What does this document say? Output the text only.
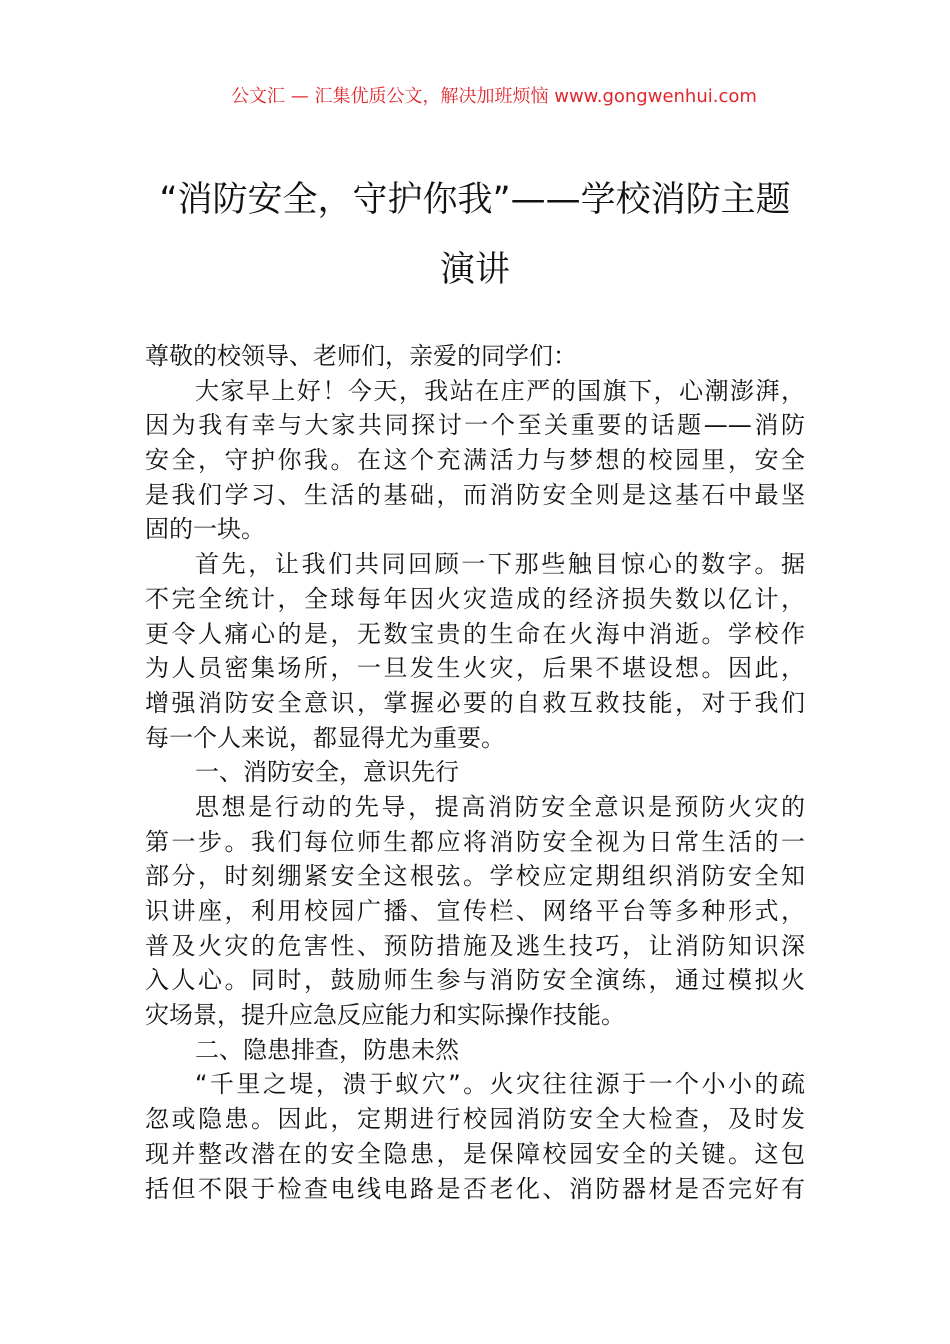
公文汇 — 汇集优质公文，解决加班烦恼 www.gongwenhui.com
“消防安全，守护你我”——学校消防主题
演讲
尊敬的校领导、老师们，亲爱的同学们：
大家早上好！今天，我站在庄严的国旗下，心潮澎湃，
因为我有幸与大家共同探讨一个至关重要的话题——消防
安全，守护你我。在这个充满活力与梦想的校园里，安全
是我们学习、生活的基础，而消防安全则是这基石中最坚
固的一块。
首先，让我们共同回顾一下那些触目惊心的数字。据
不完全统计，全球每年因火灾造成的经济损失数以亿计，
更令人痛心的是，无数宝贵的生命在火海中消逝。学校作
为人员密集场所，一旦发生火灾，后果不堪设想。因此，
增强消防安全意识，掌握必要的自救互救技能，对于我们
每一个人来说，都显得尤为重要。
一、消防安全，意识先行
思想是行动的先导，提高消防安全意识是预防火灾的
第一步。我们每位师生都应将消防安全视为日常生活的一
部分，时刻绷紧安全这根弦。学校应定期组织消防安全知
识讲座，利用校园广播、宣传栏、网络平台等多种形式，
普及火灾的危害性、预防措施及逃生技巧，让消防知识深
入人心。同时，鼓励师生参与消防安全演练，通过模拟火
灾场景，提升应急反应能力和实际操作技能。
二、隐患排查，防患未然
“千里之堤，溃于蚁穴”。火灾往往源于一个小小的疏
忽或隐患。因此，定期进行校园消防安全大检查，及时发
现并整改潜在的安全隐患，是保障校园安全的关键。这包
括但不限于检查电线电路是否老化、消防器材是否完好有
